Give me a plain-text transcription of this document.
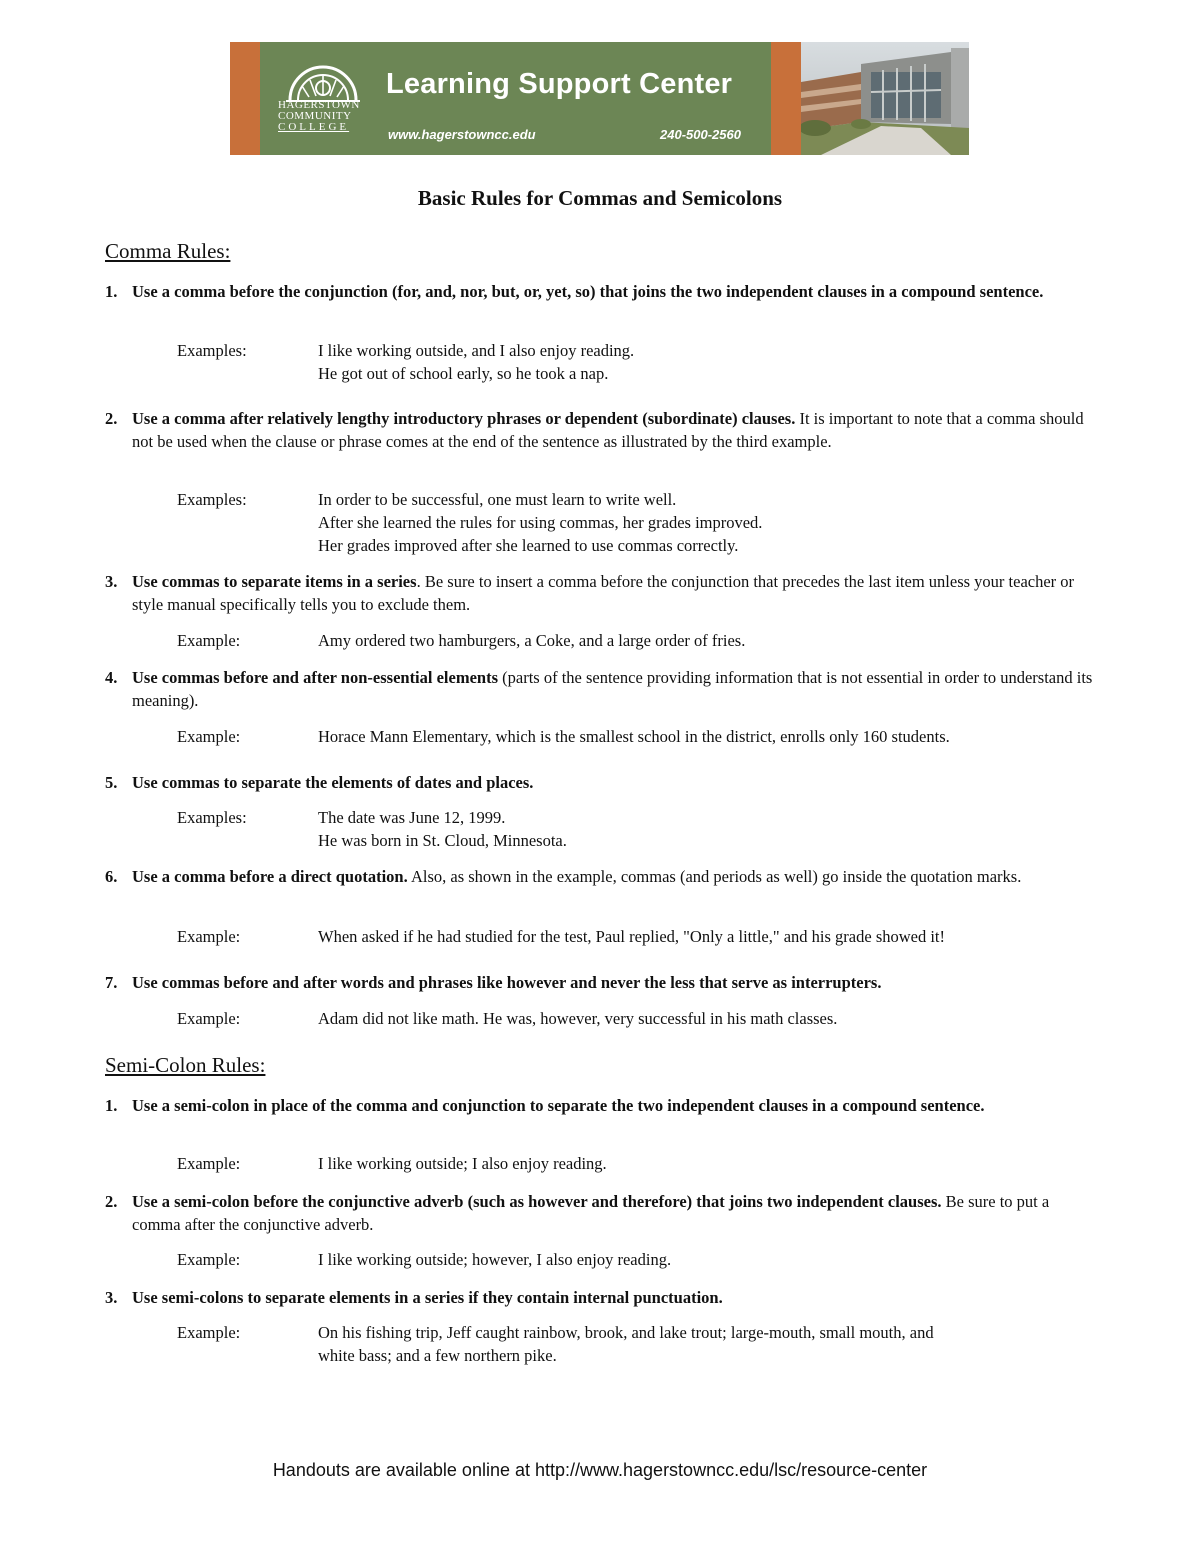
HAGERSTOWN
COMMUNITY
COLLEGE
Learning Support Center
www.hagerstowncc.edu	240-500-2560
Basic Rules for Commas and Semicolons
Comma Rules:
1. Use a comma before the conjunction (for, and, nor, but, or, yet, so) that joins the two independent clauses in a compound sentence.
Examples:	I like working outside, and I also enjoy reading.
He got out of school early, so he took a nap.
2. Use a comma after relatively lengthy introductory phrases or dependent (subordinate) clauses. It is important to note that a comma should not be used when the clause or phrase comes at the end of the sentence as illustrated by the third example.
Examples:	In order to be successful, one must learn to write well.
After she learned the rules for using commas, her grades improved.
Her grades improved after she learned to use commas correctly.
3. Use commas to separate items in a series. Be sure to insert a comma before the conjunction that precedes the last item unless your teacher or style manual specifically tells you to exclude them.
Example:	Amy ordered two hamburgers, a Coke, and a large order of fries.
4. Use commas before and after non-essential elements (parts of the sentence providing information that is not essential in order to understand its meaning).
Example:	Horace Mann Elementary, which is the smallest school in the district, enrolls only 160 students.
5. Use commas to separate the elements of dates and places.
Examples:	The date was June 12, 1999.
He was born in St. Cloud, Minnesota.
6. Use a comma before a direct quotation. Also, as shown in the example, commas (and periods as well) go inside the quotation marks.
Example:	When asked if he had studied for the test, Paul replied, "Only a little," and his grade showed it!
7. Use commas before and after words and phrases like however and never the less that serve as interrupters.
Example:	Adam did not like math. He was, however, very successful in his math classes.
Semi-Colon Rules:
1. Use a semi-colon in place of the comma and conjunction to separate the two independent clauses in a compound sentence.
Example:	I like working outside; I also enjoy reading.
2. Use a semi-colon before the conjunctive adverb (such as however and therefore) that joins two independent clauses. Be sure to put a comma after the conjunctive adverb.
Example:	I like working outside; however, I also enjoy reading.
3. Use semi-colons to separate elements in a series if they contain internal punctuation.
Example:	On his fishing trip, Jeff caught rainbow, brook, and lake trout; large-mouth, small mouth, and
white bass; and a few northern pike.
Handouts are available online at http://www.hagerstowncc.edu/lsc/resource-center
